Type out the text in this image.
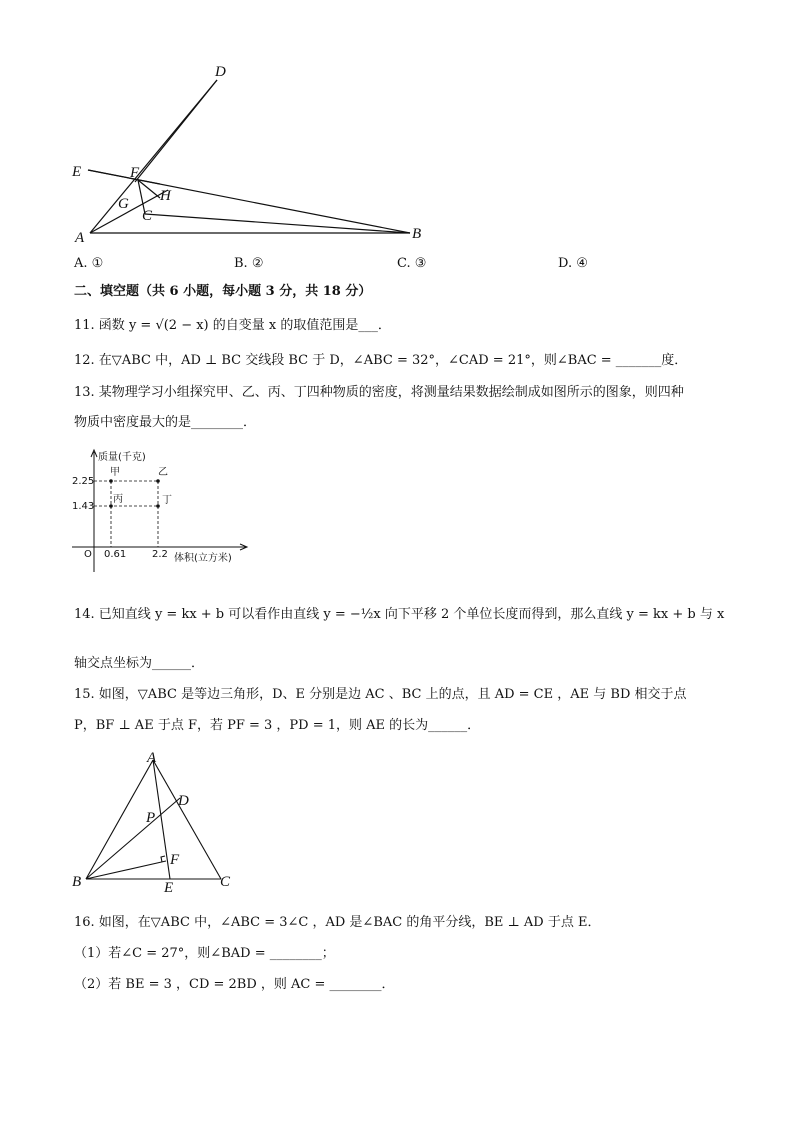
D
E	F
H
G
C
A	B
A. ①	B. ②	C. ③	D. ④
二、填空题（共 6 小题，每小题 3 分，共 18 分）
11. 函数 y = √(2 − x) 的自变量 x 的取值范围是___．
12. 在▽ABC 中，AD ⊥ BC 交线段 BC 于 D，∠ABC = 32°，∠CAD = 21°，则∠BAC = _______度．
13. 某物理学习小组探究甲、乙、丙、丁四种物质的密度，将测量结果数据绘制成如图所示的图象，则四种
物质中密度最大的是________．
质量(千克)
体积(立方米)
O
2.25
1.43
0.61	2.2
甲	乙
丙	丁
14. 已知直线 y = kx + b 可以看作由直线 y = −½x 向下平移 2 个单位长度而得到，那么直线 y = kx + b 与 x
轴交点坐标为______．
15. 如图，▽ABC 是等边三角形，D、E 分别是边 AC 、BC 上的点，且 AD = CE ，AE 与 BD 相交于点
P，BF ⊥ AE 于点 F，若 PF = 3 ，PD = 1，则 AE 的长为______．
A
D
P
F
B	E	C
16. 如图，在▽ABC 中，∠ABC = 3∠C ，AD 是∠BAC 的角平分线，BE ⊥ AD 于点 E．
（1）若∠C = 27°，则∠BAD = ________；
（2）若 BE = 3 ，CD = 2BD ，则 AC = ________．
